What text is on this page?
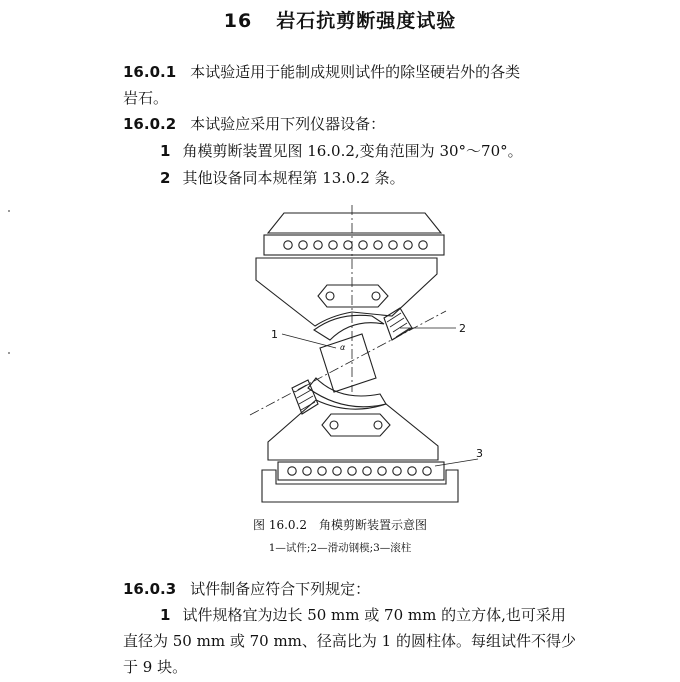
16 岩石抗剪断强度试验
16.0.1 本试验适用于能制成规则试件的除坚硬岩外的各类
岩石。
16.0.2 本试验应采用下列仪器设备：
1 角模剪断装置见图 16.0.2,变角范围为 30°～70°。
2 其他设备同本规程第 13.0.2 条。
1	2
3
α
图 16.0.2　角模剪断装置示意图
1—试件;2—滑动钢模;3—滚柱
16.0.3 试件制备应符合下列规定：
1 试件规格宜为边长 50 mm 或 70 mm 的立方体,也可采用
直径为 50 mm 或 70 mm、径高比为 1 的圆柱体。每组试件不得少
于 9 块。
